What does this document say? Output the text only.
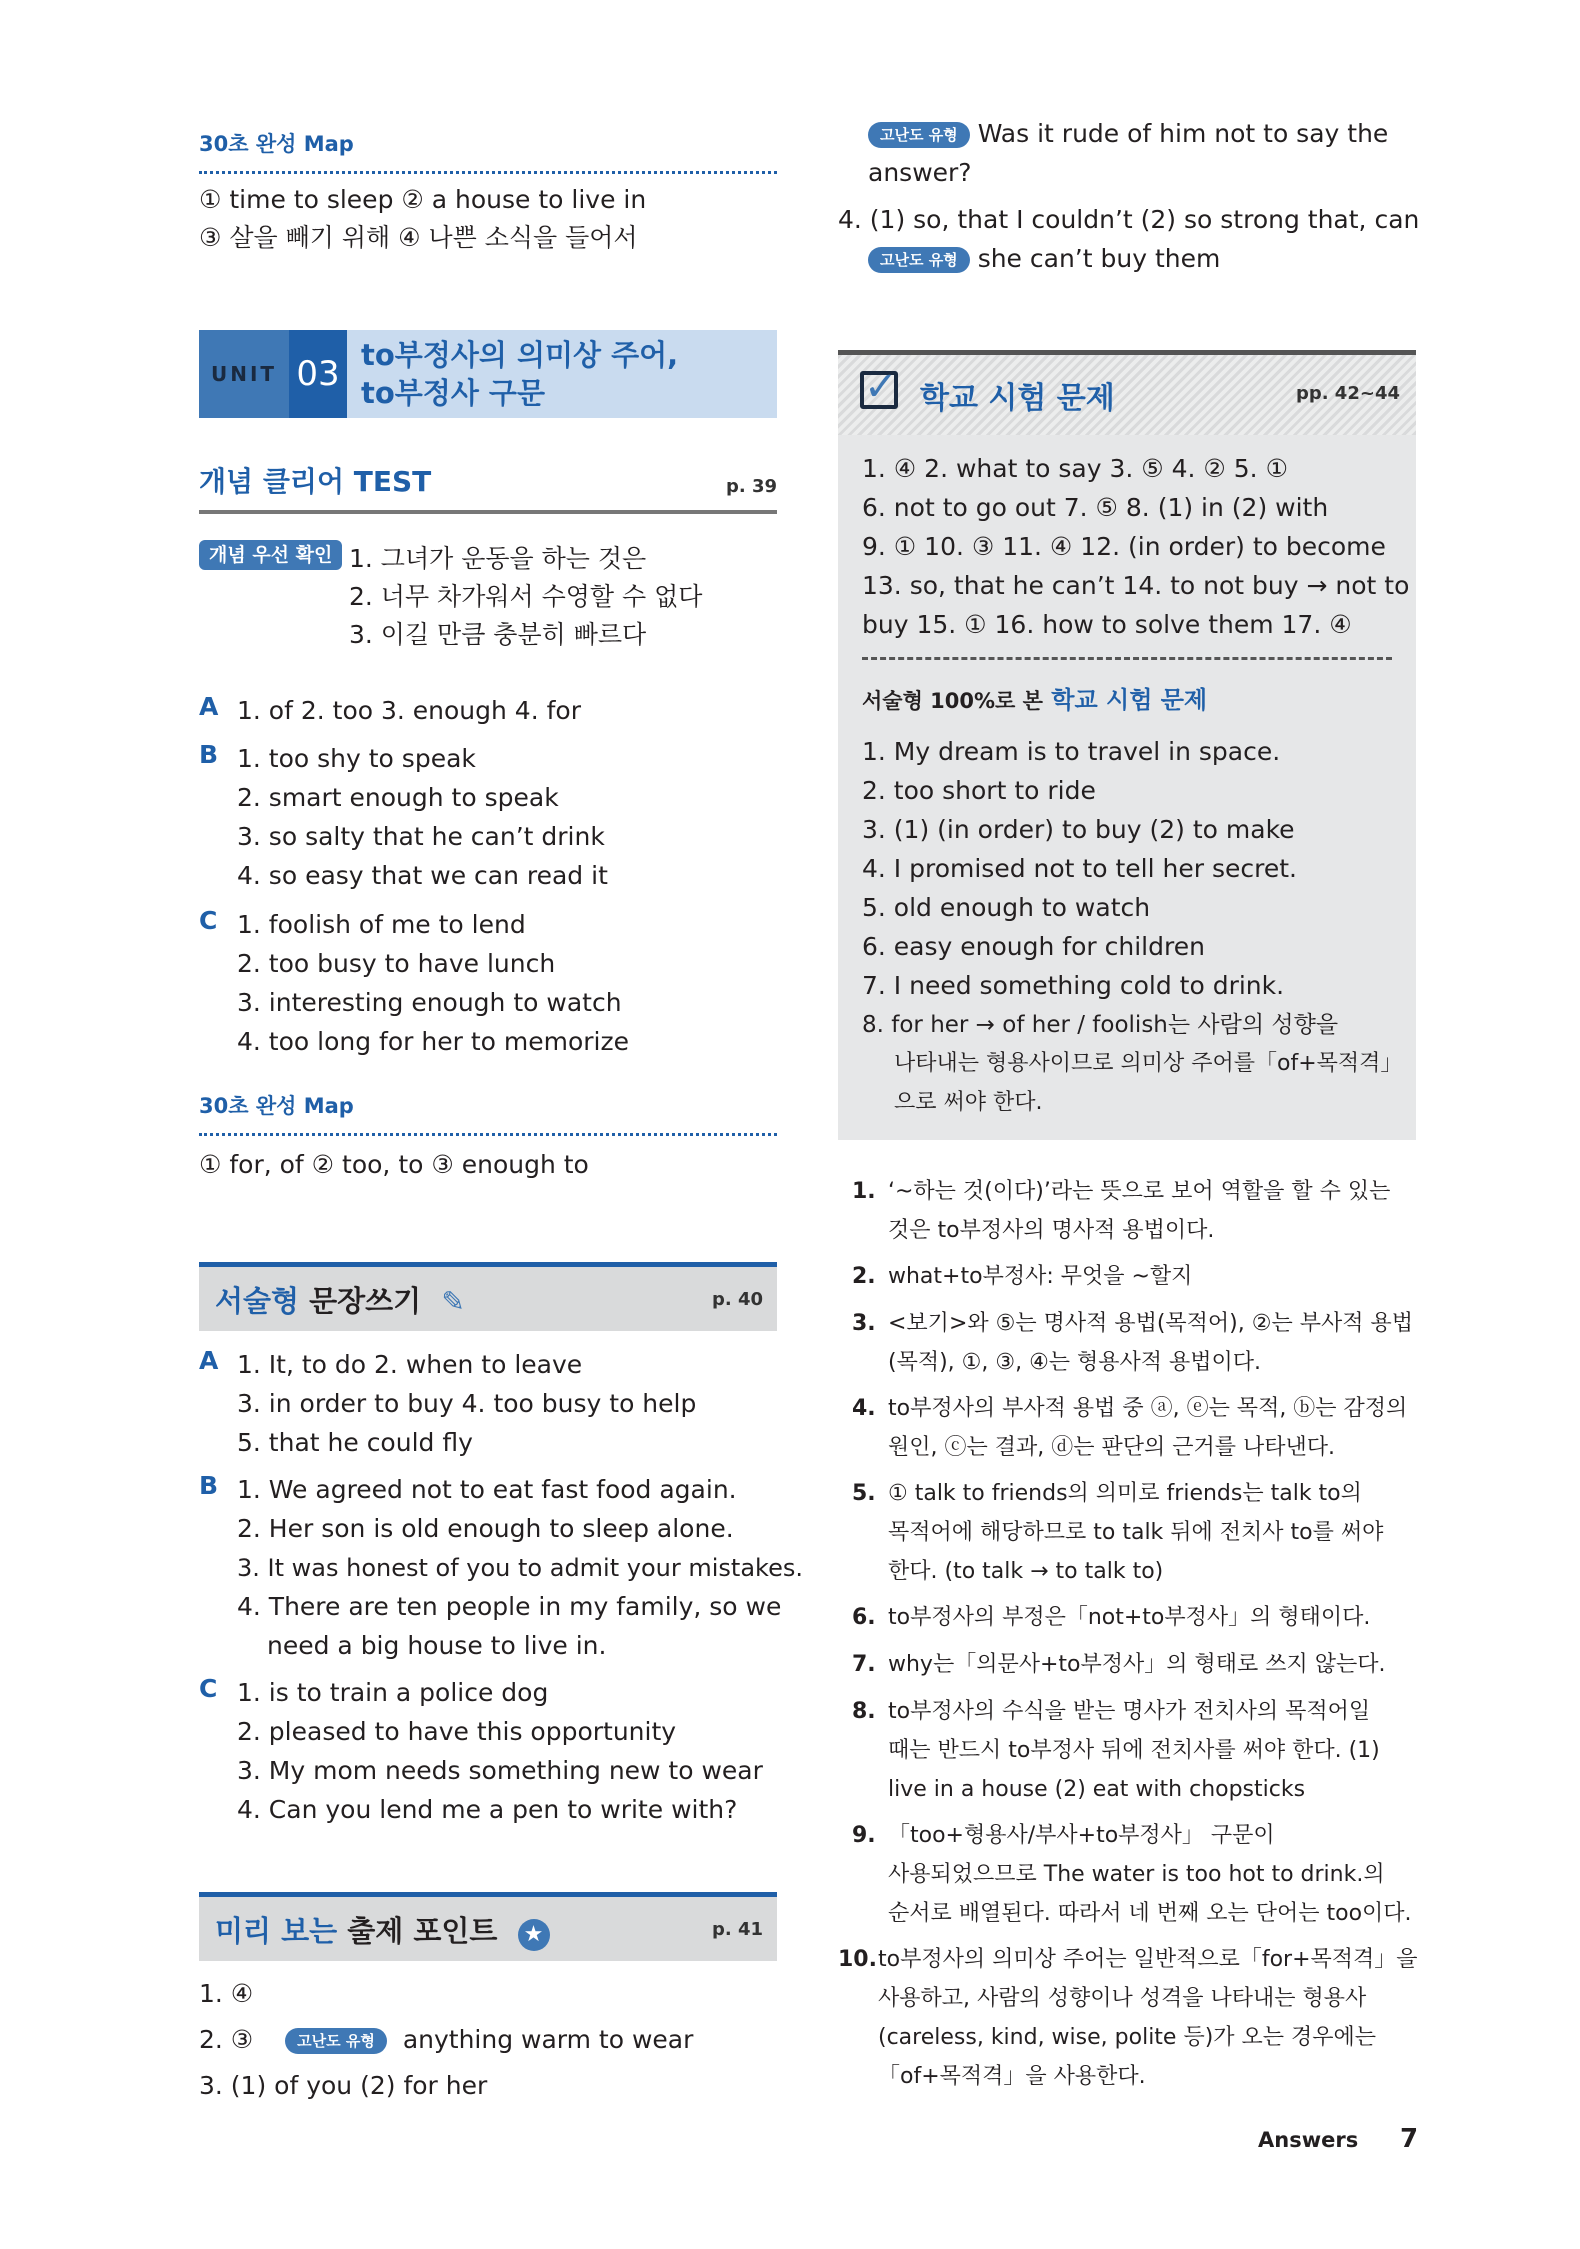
30초 완성 Map
① time to sleep ② a house to live in
③ 살을 빼기 위해 ④ 나쁜 소식을 들어서
UNIT 03 to부정사의 의미상 주어,
to부정사 구문
개념 클리어 TEST	p. 39
개념 우선 확인 1. 그녀가 운동을 하는 것은
2. 너무 차가워서 수영할 수 없다
3. 이길 만큼 충분히 빠르다
A 1. of 2. too 3. enough 4. for
B 1. too shy to speak
2. smart enough to speak
3. so salty that he can’t drink
4. so easy that we can read it
C 1. foolish of me to lend
2. too busy to have lunch
3. interesting enough to watch
4. too long for her to memorize
30초 완성 Map
① for, of ② too, to ③ enough to
서술형 문장쓰기 ✎	p. 40
A 1. It, to do 2. when to leave
3. in order to buy 4. too busy to help
5. that he could fly
B 1. We agreed not to eat fast food again.
2. Her son is old enough to sleep alone.
3. It was honest of you to admit your mistakes.
4. There are ten people in my family, so we
need a big house to live in.
C 1. is to train a police dog
2. pleased to have this opportunity
3. My mom needs something new to wear
4. Can you lend me a pen to write with?
미리 보는 출제 포인트 ★	p. 41
1. ④
2. ③	고난도 유형 anything warm to wear
3. (1) of you (2) for her
고난도 유형 Was it rude of him not to say the
answer?
4. (1) so, that I couldn’t (2) so strong that, can
고난도 유형 she can’t buy them
✓ 학교 시험 문제	pp. 42~44
1. ④ 2. what to say 3. ⑤ 4. ② 5. ①
6. not to go out 7. ⑤ 8. (1) in (2) with
9. ① 10. ③ 11. ④ 12. (in order) to become
13. so, that he can’t 14. to not buy → not to
buy 15. ① 16. how to solve them 17. ④
서술형 100%로 본 학교 시험 문제
1. My dream is to travel in space.
2. too short to ride
3. (1) (in order) to buy (2) to make
4. I promised not to tell her secret.
5. old enough to watch
6. easy enough for children
7. I need something cold to drink.
8. for her → of her / foolish는 사람의 성향을
나타내는 형용사이므로 의미상 주어를「of+목적격」
으로 써야 한다.
1. ‘~하는 것(이다)’라는 뜻으로 보어 역할을 할 수 있는 것은 to부정사의 명사적 용법이다.
2. what+to부정사: 무엇을 ~할지
3. <보기>와 ⑤는 명사적 용법(목적어), ②는 부사적 용법(목적), ①, ③, ④는 형용사적 용법이다.
4. to부정사의 부사적 용법 중 ⓐ, ⓔ는 목적, ⓑ는 감정의 원인, ⓒ는 결과, ⓓ는 판단의 근거를 나타낸다.
5. ① talk to friends의 의미로 friends는 talk to의 목적어에 해당하므로 to talk 뒤에 전치사 to를 써야 한다. (to talk → to talk to)
6. to부정사의 부정은「not+to부정사」의 형태이다.
7. why는「의문사+to부정사」의 형태로 쓰지 않는다.
8. to부정사의 수식을 받는 명사가 전치사의 목적어일 때는 반드시 to부정사 뒤에 전치사를 써야 한다. (1) live in a house (2) eat with chopsticks
9. 「too+형용사/부사+to부정사」 구문이 사용되었으므로 The water is too hot to drink.의 순서로 배열된다. 따라서 네 번째 오는 단어는 too이다.
10. to부정사의 의미상 주어는 일반적으로「for+목적격」을 사용하고, 사람의 성향이나 성격을 나타내는 형용사 (careless, kind, wise, polite 등)가 오는 경우에는「of+목적격」을 사용한다.
Answers 7
